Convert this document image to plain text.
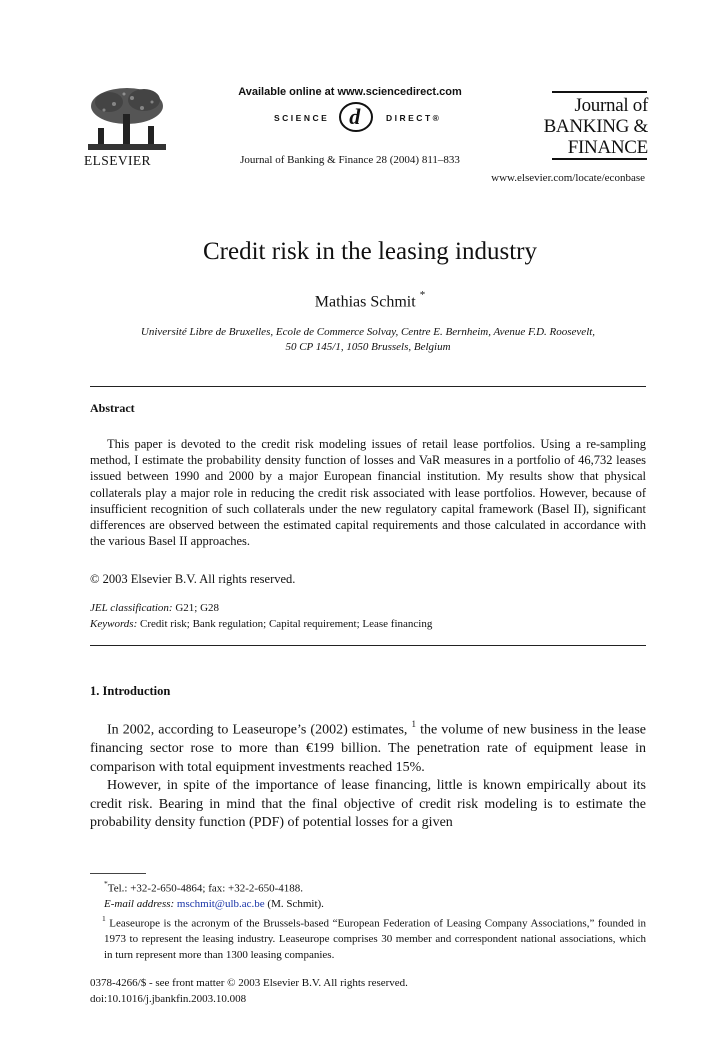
ELSEVIER
Available online at www.sciencedirect.com
SCIENCE d	DIRECT®
Journal of Banking & Finance 28 (2004) 811–833
Journal of
BANKING &
FINANCE
www.elsevier.com/locate/econbase
Credit risk in the leasing industry
Mathias Schmit *
Université Libre de Bruxelles, Ecole de Commerce Solvay, Centre E. Bernheim, Avenue F.D. Roosevelt,
50 CP 145/1, 1050 Brussels, Belgium
Abstract

This paper is devoted to the credit risk modeling issues of retail lease portfolios. Using a re-sampling method, I estimate the probability density function of losses and VaR measures in a portfolio of 46,732 leases issued between 1990 and 2000 by a major European financial institution. My results show that physical collaterals play a major role in reducing the credit risk associated with lease portfolios. However, because of insufficient recognition of such collaterals under the new regulatory capital framework (Basel II), significant differences are observed between the estimated capital requirements and those calculated in accordance with the various Basel II approaches.

© 2003 Elsevier B.V. All rights reserved.
JEL classification: G21; G28
Keywords: Credit risk; Bank regulation; Capital requirement; Lease financing
1. Introduction

In 2002, according to Leaseurope’s (2002) estimates, $^1$ the volume of new business in the lease financing sector rose to more than €199 billion. The penetration rate of equipment lease in comparison with total equipment investments reached 15%.

However, in spite of the importance of lease financing, little is known empirically about its credit risk. Bearing in mind that the final objective of credit risk modeling is to estimate the probability density function (PDF) of potential losses for a given

*Tel.: +32-2-650-4864; fax: +32-2-650-4188.
E-mail address: mschmit@ulb.ac.be (M. Schmit).
$^1$ Leaseurope is the acronym of the Brussels-based “European Federation of Leasing Company Associations,” founded in 1973 to represent the leasing industry. Leaseurope comprises 30 member and correspondent national associations, which in turn represent more than 1300 leasing companies.
0378-4266/$ - see front matter © 2003 Elsevier B.V. All rights reserved.
doi:10.1016/j.jbankfin.2003.10.008
